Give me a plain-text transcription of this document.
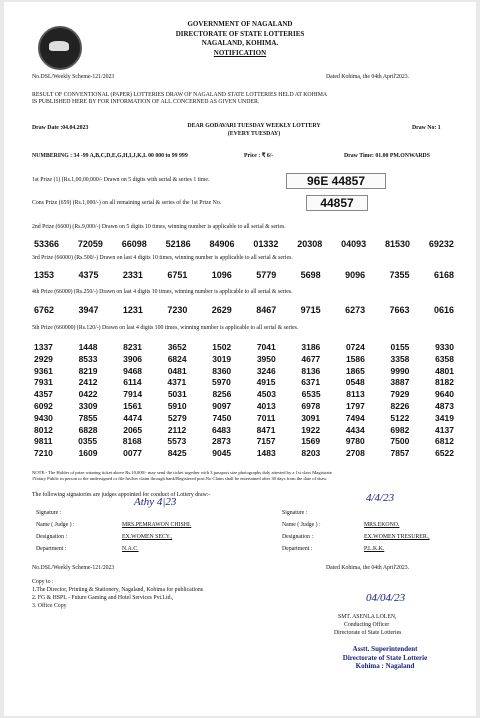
GOVERNMENT OF NAGALAND
DIRECTORATE OF STATE LOTTERIES
NAGALAND, KOHIMA.
NOTIFICATION
No.DSL/Weekly Scheme-121/2023	Dated Kohima, the 04th April'2023.
RESULT OF CONVENTIONAL (PAPER) LOTTERIES DRAW OF NAGALAND STATE LOTTERIES HELD AT KOHIMA
IS PUBLISHED HERE BY FOR INFORMATION OF ALL CONCERNED AS GIVEN UNDER.
Draw Date :04.04.2023	DEAR GODAVARI TUESDAY WEEKLY LOTTERY
(EVERY TUESDAY)
Draw No: 1
NUMBERING : 34 -99 A,B,C,D,E,G,H,I,J,K,L 00 000 to 99 999	Price : ₹ 6/-	Draw Time: 01.00 PM.ONWARDS
1st Prize (1) (Rs.1,00,00,000/- Drawn on 5 digits with serial & series 1 time.	96E 44857
Cons Prize (659) (Rs.1,000/-) on all remaining serial & series of the 1st Prize No.	44857
2nd Prize (6600) (Rs.9,000/-) Drawn on 5 digits 10 times, winning number is applicable to all serial & series.
53366 72059 66098 52186 84906 01332 20308 04093 81530 69232
3rd Prize (66000) (Rs.500/-) Drawn on last 4 digits 10 times, winning number is applicable to all serial & series.
1353	4375	2331	6751	1096	5779	5698	9096	7355	6168
4th Prize (66000) (Rs.250/-) Drawn on last 4 digits 10 times, winning number is applicable to all serial & series.
6762	3947	1231	7230	2629	8467	9715	6273	7663	0616
5th Prize (660000) (Rs.120/-) Drawn on last 4 digits 100 times, winning number is applicable to all serial & series.
1337	1448	8231	3652	1502	7041	3186	0724	0155	9330
2929	8533	3906	6824	3019	3950	4677	1586	3358	6358
9361	8219	9468	0481	8360	3246	8136	1865	9990	4801
7931	2412	6114	4371	5970	4915	6371	0548	3887	8182
4357	0422	7914	5031	8256	4503	6535	8113	7929	9640
6092	3309	1561	5910	9097	4013	6978	1797	8226	4873
9430	7855	4474	5279	7450	7011	3091	7494	5122	3419
8012	6828	2065	2112	6483	8471	1922	4434	6982	4137
9811	0355	8168	5573	2873	7157	1569	9780	7500	6812
7210	1609	0077	8425	9045	1483	8203	2708	7857	6522
NOTE:- The Holder of prize winning ticket above Rs.10,000/- may send the ticket together with 3 passport size photographs duly attested by a 1st class Magistrate
/Notary Public in person to the undersigned or file his/her claim through bank/Registered post.No Claim shall be entertained after 30 days from the date of draw.
The following signatories are judges appointed for conduct of Lottery draw:-
Signature :
Athy 4|23
Name ( Judge ) :	MRS.PEMRAWON CHISHI.
Designation :	EX.WOMEN SECY.,
Department :	N.A.C.
Signature :
4/4/23
Name ( Judge ) :	MRS.EKONO.
Designation :	EX.WOMEN TRESURER.,
Department :	P.L.K.K.
No.DSL/Weekly Scheme-121/2023	Dated Kohima, the 04th April'2023.
Copy to :
1.The Director, Printing & Stationery, Nagaland, Kohima for publications
2. FG & HSPL - Future Gaming and Hotel Services Pvt.Ltd.,
3. Office Copy
04/04/23
SMT. ASENLA LOLEN,
Conducting Officer
Directorate of State Lotteries
Asstt. Superintendent
Directorate of State Lotterie
Kohima : Nagaland
